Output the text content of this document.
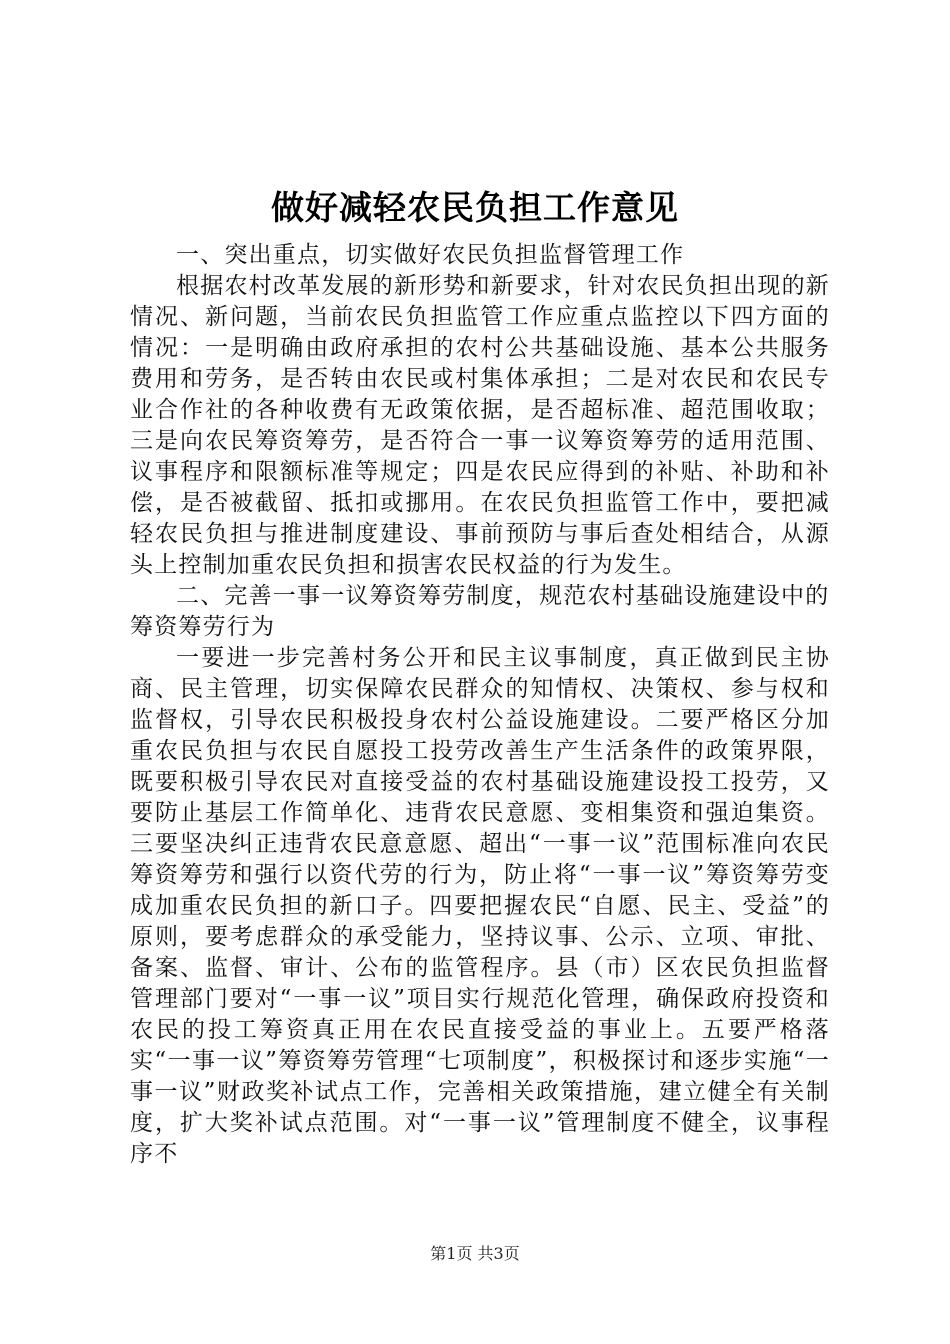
做好减轻农民负担工作意见

一、突出重点，切实做好农民负担监督管理工作

根据农村改革发展的新形势和新要求，针对农民负担出现的新情况、新问题，当前农民负担监管工作应重点监控以下四方面的情况：一是明确由政府承担的农村公共基础设施、基本公共服务费用和劳务，是否转由农民或村集体承担；二是对农民和农民专业合作社的各种收费有无政策依据，是否超标准、超范围收取；三是向农民筹资筹劳，是否符合一事一议筹资筹劳的适用范围、议事程序和限额标准等规定；四是农民应得到的补贴、补助和补偿，是否被截留、抵扣或挪用。在农民负担监管工作中，要把减轻农民负担与推进制度建设、事前预防与事后查处相结合，从源头上控制加重农民负担和损害农民权益的行为发生。

二、完善一事一议筹资筹劳制度，规范农村基础设施建设中的筹资筹劳行为

一要进一步完善村务公开和民主议事制度，真正做到民主协商、民主管理，切实保障农民群众的知情权、决策权、参与权和监督权，引导农民积极投身农村公益设施建设。二要严格区分加重农民负担与农民自愿投工投劳改善生产生活条件的政策界限，既要积极引导农民对直接受益的农村基础设施建设投工投劳，又要防止基层工作简单化、违背农民意愿、变相集资和强迫集资。三要坚决纠正违背农民意意愿、超出“一事一议”范围标准向农民筹资筹劳和强行以资代劳的行为，防止将“一事一议”筹资筹劳变成加重农民负担的新口子。四要把握农民“自愿、民主、受益”的原则，要考虑群众的承受能力，坚持议事、公示、立项、审批、备案、监督、审计、公布的监管程序。县（市）区农民负担监督管理部门要对“一事一议”项目实行规范化管理，确保政府投资和农民的投工筹资真正用在农民直接受益的事业上。五要严格落实“一事一议”筹资筹劳管理“七项制度”，积极探讨和逐步实施“一事一议”财政奖补试点工作，完善相关政策措施，建立健全有关制度，扩大奖补试点范围。对“一事一议”管理制度不健全，议事程序不

第1页 共3页
